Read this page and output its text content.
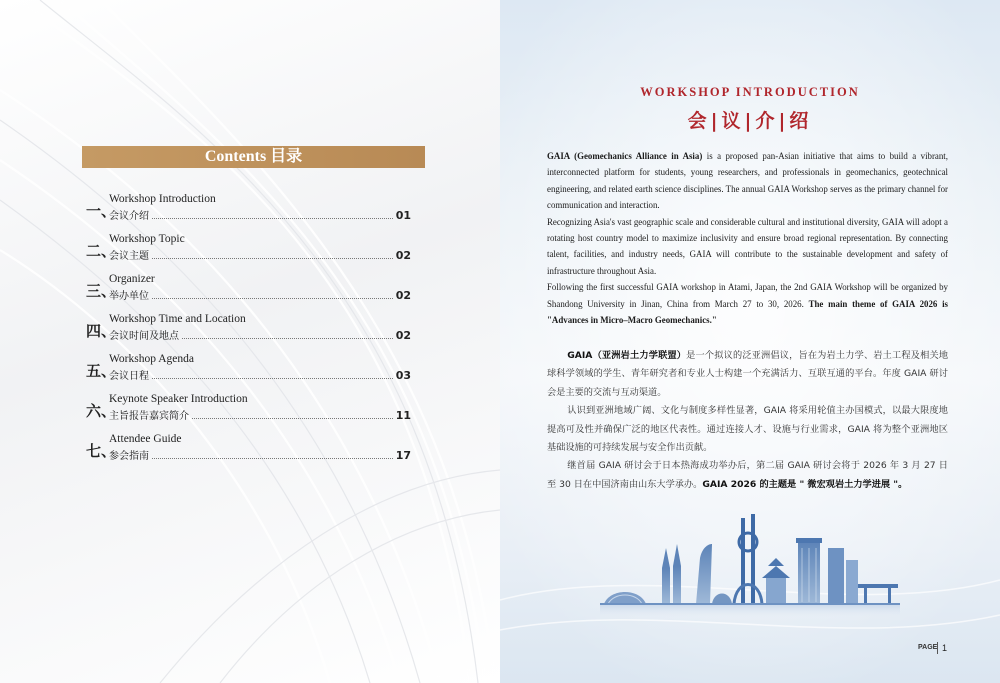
Contents 目录
一、
Workshop Introduction
会议介绍	01
二、
Workshop Topic
会议主题	02
三、
Organizer
举办单位	02
四、
Workshop Time and Location
会议时间及地点	02
五、
Workshop Agenda
会议日程	03
六、
Keynote Speaker Introduction
主旨报告嘉宾简介	11
七、
Attendee Guide
参会指南	17
WORKSHOP INTRODUCTION
会|议|介|绍

GAIA (Geomechanics Alliance in Asia) is a proposed pan-Asian initiative that aims to build a vibrant, interconnected platform for students, young researchers, and professionals in geomechanics, geotechnical engineering, and related earth science disciplines. The annual GAIA Workshop serves as the primary channel for communication and interaction.

Recognizing Asia's vast geographic scale and considerable cultural and institutional diversity, GAIA will adopt a rotating host country model to maximize inclusivity and ensure broad regional representation. By connecting talent, facilities, and industry needs, GAIA will contribute to the sustainable development and safety of infrastructure throughout Asia.

Following the first successful GAIA workshop in Atami, Japan, the 2nd GAIA Workshop will be organized by Shandong University in Jinan, China from March 27 to 30, 2026. The main theme of GAIA 2026 is "Advances in Micro–Macro Geomechanics."

GAIA（亚洲岩土力学联盟）是一个拟议的泛亚洲倡议，旨在为岩土力学、岩土工程及相关地球科学领域的学生、青年研究者和专业人士构建一个充满活力、互联互通的平台。年度 GAIA 研讨会是主要的交流与互动渠道。

认识到亚洲地域广阔、文化与制度多样性显著，GAIA 将采用轮值主办国模式，以最大限度地提高可及性并确保广泛的地区代表性。通过连接人才、设施与行业需求，GAIA 将为整个亚洲地区基础设施的可持续发展与安全作出贡献。

继首届 GAIA 研讨会于日本热海成功举办后，第二届 GAIA 研讨会将于 2026 年 3 月 27 日至 30 日在中国济南由山东大学承办。GAIA 2026 的主题是 " 微宏观岩土力学进展 "。

PAGE 1
